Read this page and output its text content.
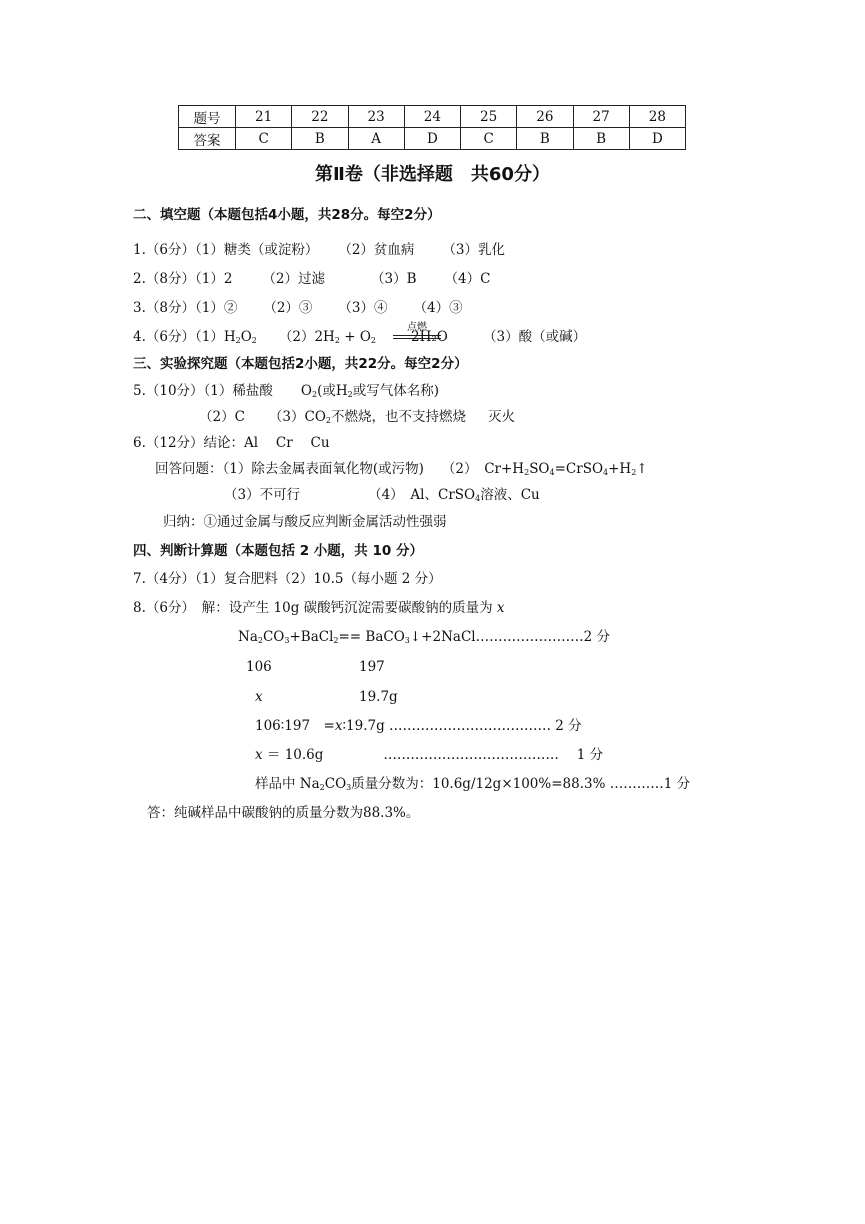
题号	21	22	23	24	25	26	27	28
答案	C	B	A	D	C	B	B	D
第Ⅱ卷（非选择题　共60分）
二、填空题（本题包括4小题，共28分。每空2分）
1.（6分）（1）糖类（或淀粉） （2）贫血病 （3）乳化
2.（8分）（1）2 （2）过滤	（3）B （4）C
3.（8分）（1）② （2）③ （3）④ （4）③
4.（6分）$(1)H_2O_2$ $(2)2H_2 + O_2$
点燃
2H₂O	（3）酸（或碱）
三、实验探究题（本题包括2小题，共22分。每空2分）
5.（10分）（1）稀盐酸 $O_2$(或$H_2$或写气体名称)
（2）C $(3)CO_2$不燃烧，也不支持燃烧 灭火
6.（12分）结论：Al　 Cr　 Cu
回答问题：（1）除去金属表面氧化物(或污物) （2）　$Cr+H_2SO_4=CrSO_4+H_2↑$
（3）不可行	（4）　Al、CrSO$_4$溶液、Cu
归纳：①通过金属与酸反应判断金属活动性强弱
四、判断计算题（本题包括 2 小题，共 10 分）
7.（4分）（1）复合肥料（2）10.5（每小题 2 分）
8.（6分）　解：设产生 10g 碳酸钙沉淀需要碳酸钠的质量为 x
$Na_2CO_3+BaCl_2==$ BaCO$_3$↓+2NaCl……………………2 分
106	197
x	19.7g
106∶197　=x∶19.7g ……………………………… 2 分
x ＝ 10.6g	………………………………… 　1 分
样品中 $Na_2CO_3$质量分数为：10.6g/12g×100%=88.3% …………1 分
答：纯碱样品中碳酸钠的质量分数为88.3%。
